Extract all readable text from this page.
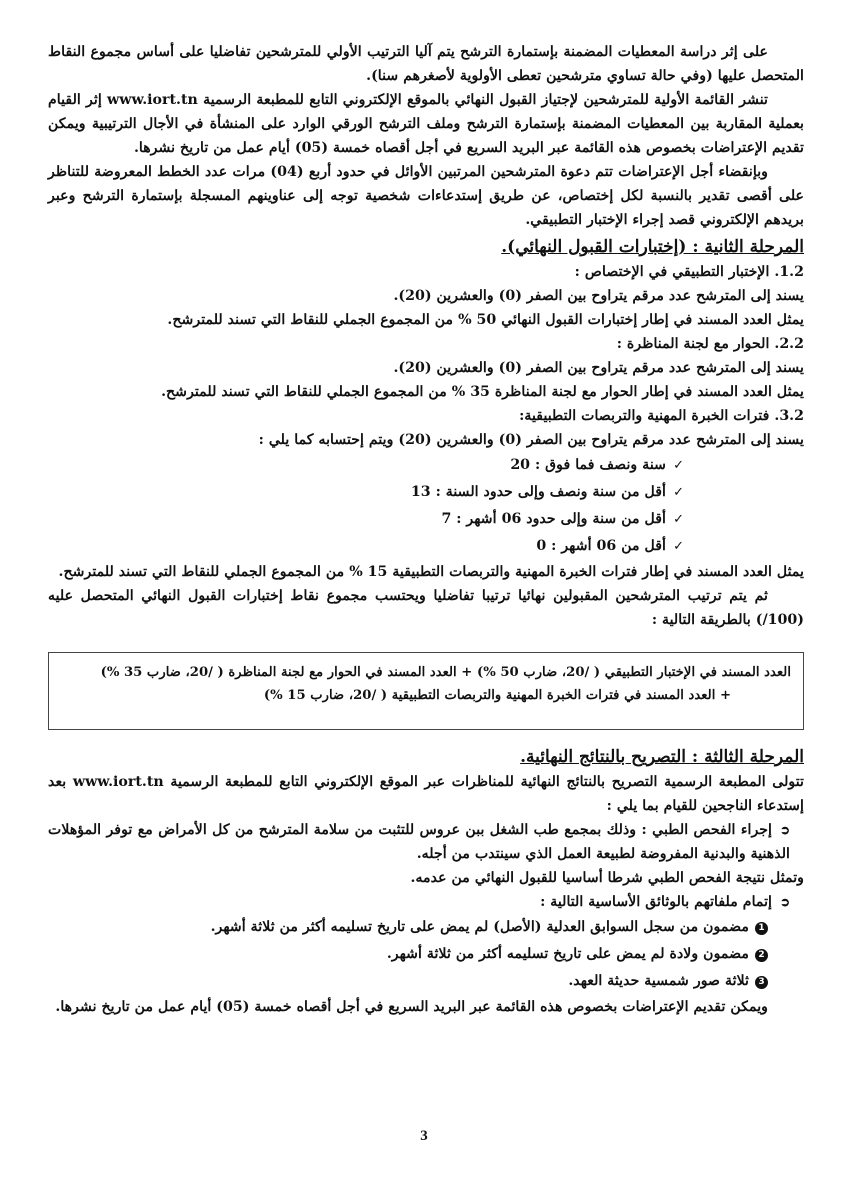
على إثر دراسة المعطيات المضمنة بإستمارة الترشح يتم آليا الترتيب الأولي للمترشحين تفاضليا على أساس مجموع النقاط المتحصل عليها (وفي حالة تساوي مترشحين تعطى الأولوية لأصغرهم سنا).

تنشر القائمة الأولية للمترشحين لإجتياز القبول النهائي بالموقع الإلكتروني التابع للمطبعة الرسمية www.iort.tn إثر القيام بعملية المقاربة بين المعطيات المضمنة بإستمارة الترشح وملف الترشح الورقي الوارد على المنشأة في الأجال الترتيبية ويمكن تقديم الإعتراضات بخصوص هذه القائمة عبر البريد السريع في أجل أقصاه خمسة (05) أيام عمل من تاريخ نشرها.

وبإنقضاء أجل الإعتراضات تتم دعوة المترشحين المرتبين الأوائل في حدود أربع (04) مرات عدد الخطط المعروضة للتناظر على أقصى تقدير بالنسبة لكل إختصاص، عن طريق إستدعاءات شخصية توجه إلى عناوينهم المسجلة بإستمارة الترشح وعبر بريدهم الإلكتروني قصد إجراء الإختبار التطبيقي.

المرحلة الثانية : (إختبارات القبول النهائي).

1.2. الإختبار التطبيقي في الإختصاص :

يسند إلى المترشح عدد مرقم يتراوح بين الصفر (0) والعشرين (20).

يمثل العدد المسند في إطار إختبارات القبول النهائي 50 % من المجموع الجملي للنقاط التي تسند للمترشح.

2.2. الحوار مع لجنة المناظرة :

يسند إلى المترشح عدد مرقم يتراوح بين الصفر (0) والعشرين (20).

يمثل العدد المسند في إطار الحوار مع لجنة المناظرة 35 % من المجموع الجملي للنقاط التي تسند للمترشح.

3.2. فترات الخبرة المهنية والتربصات التطبيقية:

يسند إلى المترشح عدد مرقم يتراوح بين الصفر (0) والعشرين (20) ويتم إحتسابه كما يلي :

✓سنة ونصف فما فوق : 20
✓أقل من سنة ونصف وإلى حدود السنة : 13
✓أقل من سنة وإلى حدود 06 أشهر : 7
✓أقل من 06 أشهر : 0

يمثل العدد المسند في إطار فترات الخبرة المهنية والتربصات التطبيقية 15 % من المجموع الجملي للنقاط التي تسند للمترشح.

ثم يتم ترتيب المترشحين المقبولين نهائيا ترتيبا تفاضليا ويحتسب مجموع نقاط إختبارات القبول النهائي المتحصل عليه (100/) بالطريقة التالية :

العدد المسند في الإختبار التطبيقي ( /20، ضارب 50 %) + العدد المسند في الحوار مع لجنة المناظرة ( /20، ضارب 35 %)

+ العدد المسند في فترات الخبرة المهنية والتربصات التطبيقية ( /20، ضارب 15 %)

المرحلة الثالثة : التصريح بالنتائج النهائية.

تتولى المطبعة الرسمية التصريح بالنتائج النهائية للمناظرات عبر الموقع الإلكتروني التابع للمطبعة الرسمية www.iort.tn بعد إستدعاء الناجحين للقيام بما يلي :

➲إجراء الفحص الطبي : وذلك بمجمع طب الشغل ببن عروس للتثبت من سلامة المترشح من كل الأمراض مع توفر المؤهلات الذهنية والبدنية المفروضة لطبيعة العمل الذي سينتدب من أجله.

وتمثل نتيجة الفحص الطبي شرطا أساسيا للقبول النهائي من عدمه.

➲إتمام ملفاتهم بالوثائق الأساسية التالية :

1مضمون من سجل السوابق العدلية (الأصل) لم يمض على تاريخ تسليمه أكثر من ثلاثة أشهر.
2مضمون ولادة لم يمض على تاريخ تسليمه أكثر من ثلاثة أشهر.
3ثلاثة صور شمسية حديثة العهد.

ويمكن تقديم الإعتراضات بخصوص هذه القائمة عبر البريد السريع في أجل أقصاه خمسة (05) أيام عمل من تاريخ نشرها.

3
